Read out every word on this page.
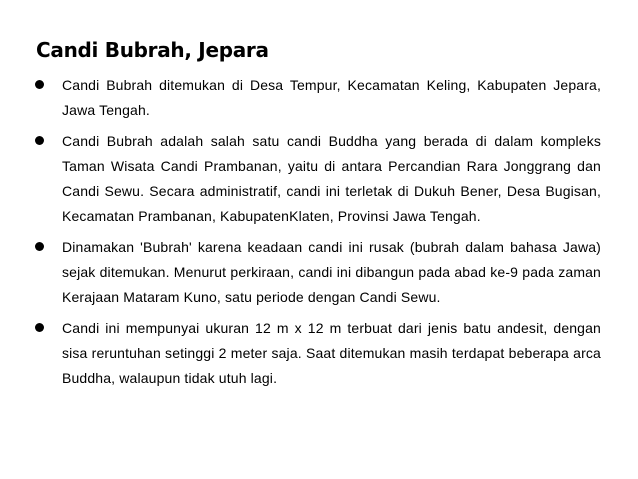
Candi Bubrah, Jepara

Candi Bubrah ditemukan di Desa Tempur, Kecamatan Keling, Kabupaten Jepara, Jawa Tengah.

Candi Bubrah adalah salah satu candi Buddha yang berada di dalam kompleks Taman Wisata Candi Prambanan, yaitu di antara Percandian Rara Jonggrang dan Candi Sewu. Secara administratif, candi ini terletak di Dukuh Bener, Desa Bugisan, Kecamatan Prambanan, KabupatenKlaten, Provinsi Jawa Tengah.

Dinamakan 'Bubrah' karena keadaan candi ini rusak (bubrah dalam bahasa Jawa) sejak ditemukan. Menurut perkiraan, candi ini dibangun pada abad ke-9 pada zaman Kerajaan Mataram Kuno, satu periode dengan Candi Sewu.

Candi ini mempunyai ukuran 12 m x 12 m terbuat dari jenis batu andesit, dengan sisa reruntuhan setinggi 2 meter saja. Saat ditemukan masih terdapat beberapa arca Buddha, walaupun tidak utuh lagi.
